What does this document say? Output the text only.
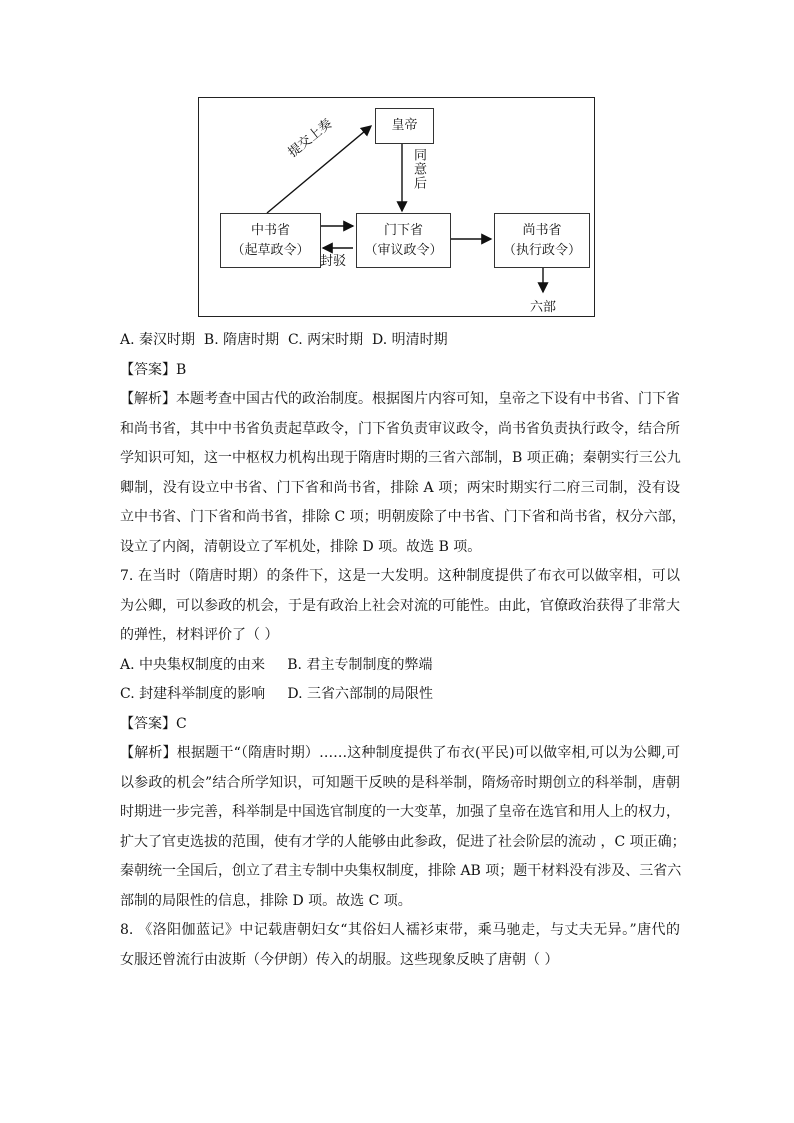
皇帝
中书省
（起草政令）
门下省
（审议政令）
尚书省
（执行政令）
提交上奏
同意后
封驳
六部
A. 秦汉时期  B. 隋唐时期  C. 两宋时期  D. 明清时期
【答案】B
【解析】本题考查中国古代的政治制度。根据图片内容可知，皇帝之下设有中书省、门下省
和尚书省，其中中书省负责起草政令，门下省负责审议政令，尚书省负责执行政令，结合所
学知识可知，这一中枢权力机构出现于隋唐时期的三省六部制，B 项正确；秦朝实行三公九
卿制，没有设立中书省、门下省和尚书省，排除 A 项；两宋时期实行二府三司制，没有设
立中书省、门下省和尚书省，排除 C 项；明朝废除了中书省、门下省和尚书省，权分六部，
设立了内阁，清朝设立了军机处，排除 D 项。故选 B 项。
7. 在当时（隋唐时期）的条件下，这是一大发明。这种制度提供了布衣可以做宰相，可以
为公卿，可以参政的机会，于是有政治上社会对流的可能性。由此，官僚政治获得了非常大
的弹性，材料评价了（ ）
A. 中央集权制度的由来     B. 君主专制制度的弊端
C. 封建科举制度的影响     D. 三省六部制的局限性
【答案】C
【解析】根据题干“（隋唐时期）……这种制度提供了布衣(平民)可以做宰相,可以为公卿,可
以参政的机会”结合所学知识，可知题干反映的是科举制，隋炀帝时期创立的科举制，唐朝
时期进一步完善，科举制是中国选官制度的一大变革，加强了皇帝在选官和用人上的权力，
扩大了官吏选拔的范围，使有才学的人能够由此参政，促进了社会阶层的流动 ，C 项正确；
秦朝统一全国后，创立了君主专制中央集权制度，排除 AB 项；题干材料没有涉及、三省六
部制的局限性的信息，排除 D 项。故选 C 项。
8. 《洛阳伽蓝记》中记载唐朝妇女“其俗妇人襦衫束带，乘马驰走，与丈夫无异。”唐代的
女服还曾流行由波斯（今伊朗）传入的胡服。这些现象反映了唐朝（ ）
